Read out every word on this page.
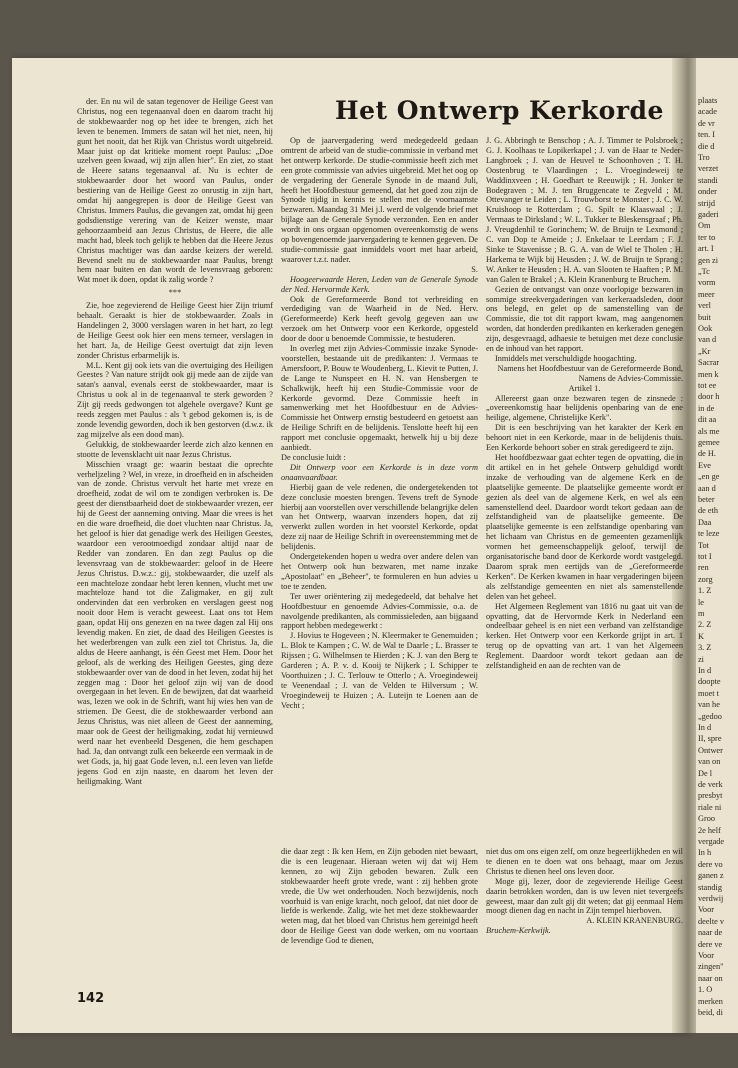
Het Ontwerp Kerkorde

der. En nu wil de satan tegenover de Heilige Geest van Christus, nog een tegenaanval doen en daarom tracht hij de stokbewaarder nog op het idee te brengen, zich het leven te benemen. Immers de satan wil het niet, neen, hij gunt het nooit, dat het Rijk van Christus wordt uitgebreid. Maar juist op dat kritieke moment roept Paulus: „Doe uzelven geen kwaad, wij zijn allen hier". En ziet, zo staat de Heere satans tegenaanval af. Nu is echter de stokbewaarder door het woord van Paulus, onder bestiering van de Heilige Geest zo onrustig in zijn hart, omdat hij aangegrepen is door de Heilige Geest van Christus. Immers Paulus, die gevangen zat, omdat hij geen godsdienstige verering van de Keizer wenste, maar gehoorzaambeid aan Jezus Christus, de Heere, die alle macht had, bleek toch gelijk te hebben dat die Heere Jezus Christus machtiger was dan aardse keizers der wereld. Bevend snelt nu de stokbewaarder naar Paulus, brengt hem naar buiten en dan wordt de levensvraag geboren: Wat moet ik doen, opdat ik zalig worde ?

***

Zie, hoe zegevierend de Heilige Geest hier Zijn triumf behaalt. Geraakt is hier de stokbewaarder. Zoals in Handelingen 2, 3000 verslagen waren in het hart, zo legt de Heilige Geest ook hier een mens terneer, verslagen in het hart. Ja, de Heilige Geest overtuigt dat zijn leven zonder Christus erbarmelijk is.

M.L. Kent gij ook iets van die overtuiging des Heiligen Geestes ? Van nature strijdt ook gij mede aan de zijde van satan's aanval, evenals eerst de stokbewaarder, maar is Christus u ook al in de tegenaanval te sterk geworden ? Zijt gij reeds gedwongen tot algehele overgave? Kunt ge reeds zeggen met Paulus : als 't gebod gekomen is, is de zonde levendig geworden, doch ik ben gestorven (d.w.z. ik zag mijzelve als een dood man).

Gelukkig, de stokbewaarder leerde zich alzo kennen en stootte de levensklacht uit naar Jezus Christus.

Misschien vraagt ge: waarin bestaat die oprechte verheljzeling ? Wel, in vreze, in droefheid en in afscheiden van de zonde. Christus vervult het harte met vreze en droefheid, zodat de wil om te zondigen verbroken is. De geest der dienstbaarheid doet de stokbewaarder vrezen, eer hij de Geest der aanneming ontving. Maar die vrees is het en die ware droefheid, die doet vluchten naar Christus. Ja, het geloof is hier dat genadige werk des Heiligen Geestes, waardoor een verootmoedigd zondaar altijd naar de Redder van zondaren. En dan zegt Paulus op die levensvraag van de stokbewaarder: geloof in de Heere Jezus Christus. D.w.z.: gij, stokbewaarder, die uzelf als een machteloze zondaar hebt leren kennen, vlucht met uw machteloze hand tot die Zaligmaker, en gij zult ondervinden dat een verbroken en verslagen geest nog nooit door Hem is veracht geweest. Laat ons tot Hem gaan, opdat Hij ons genezen en na twee dagen zal Hij ons levendig maken. En ziet, de daad des Heiligen Geestes is het wederbrengen van zulk een ziel tot Christus. Ja, die aldus de Heere aanhangt, is één Geest met Hem. Door het geloof, als de werking des Heiligen Geestes, ging deze stokbewaarder over van de dood in het leven, zodat hij het zeggen mag : Door het geloof zijn wij van de dood overgegaan in het leven. En de bewijzen, dat dat waarheid was, lezen we ook in de Schrift, want hij wies hen van de striemen. De Geest, die de stokbewaarder verbond aan Jezus Christus, was niet alleen de Geest der aanneming, maar ook de Geest der heiligmaking, zodat hij vernieuwd werd naar het evenbeeld Desgenen, die hem geschapen had. Ja, dan ontvangt zulk een bekeerde een vermaak in de wet Gods, ja, hij gaat Gode leven, n.l. een leven van liefde jegens God en zijn naaste, en daarom het leven der heiligmaking. Want

Op de jaarvergadering werd medegedeeld gedaan omtrent de arbeid van de studie-commissie in verband met het ontwerp kerkorde. De studie-commissie heeft zich met een grote commissie van advies uitgebreid. Met het oog op de vergadering der Generale Synode in de maand Juli, heeft het Hoofdbestuur gemeend, dat het goed zou zijn de Synode tijdig in kennis te stellen met de voornaamste bezwaren. Maandag 31 Mei j.l. werd de volgende brief met bijlage aan de Generale Synode verzonden. Een en ander wordt in ons orgaan opgenomen overeenkomstig de wens op bovengenoemde jaarvergadering te kennen gegeven. De studie-commissie gaat inmiddels voort met haar arbeid, waarover t.z.t. nader.

S.

Hoogeerwaarde Heren, Leden van de Generale Synode der Ned. Hervormde Kerk.

Ook de Gereformeerde Bond tot verbreiding en verdediging van de Waarheid in de Ned. Herv. (Gereformeerde) Kerk heeft gevolg gegeven aan uw verzoek om het Ontwerp voor een Kerkorde, opgesteld door de door u benoemde Commissie, te bestuderen.

In overleg met zijn Advies-Commissie inzake Synode-voorstellen, bestaande uit de predikanten: J. Vermaas te Amersfoort, P. Bouw te Woudenberg, L. Kievit te Putten, J. de Lange te Nunspeet en H. N. van Hensbergen te Schalkwijk, heeft hij een Studie-Commissie voor de Kerkorde gevormd. Deze Commissie heeft in samenwerking met het Hoofdbestuur en de Advies-Commissie het Ontwerp ernstig bestudeerd en getoetst aan de Heilige Schrift en de belijdenis. Tenslotte heeft hij een rapport met conclusie opgemaakt, hetwelk hij u bij deze aanbiedt.

De conclusie luidt :

Dit Ontwerp voor een Kerkorde is in deze vorm onaanvaardbaar.

Hierbij gaan de vele redenen, die ondergetekenden tot deze conclusie moesten brengen. Tevens treft de Synode hierbij aan voorstellen over verschillende belangrijke delen van het Ontwerp, waarvan inzenders hopen, dat zij verwerkt zullen worden in het voorstel Kerkorde, opdat deze zij naar de Heilige Schrift in overeenstemming met de belijdenis.

Ondergetekenden hopen u wedra over andere delen van het Ontwerp ook hun bezwaren, met name inzake „Apostolaat" en „Beheer", te formuleren en hun advies u toe te zenden.

Ter uwer oriëntering zij medegedeeld, dat behalve het Hoofdbestuur en genoemde Advies-Commissie, o.a. de navolgende predikanten, als commissieleden, aan bijgaand rapport hebben medegewerkt :

J. Hovius te Hogeveen ; N. Kleermaker te Genemuiden ; L. Blok te Kampen ; C. W. de Wal te Daarle ; L. Brasser te Rijssen ; G. Wilhelmsen te Hierden ; K. J. van den Berg te Garderen ; A. P. v. d. Kooij te Nijkerk ; I. Schipper te Voorthuizen ; J. C. Terlouw te Otterlo ; A. Vroegindeweij te Veenendaal ; J. van de Velden te Hilversum ; W. Vroegindeweij te Huizen ; A. Luteijn te Loenen aan de Vecht ;

J. G. Abbringh te Benschop ; A. J. Timmer te Polsbroek ; G. J. Koolhaas te Lopikerkapel ; J. van de Haar te Neder-Langbroek ; J. van de Heuvel te Schoonhoven ; T. H. Oostenbrug te Vlaardingen ; L. Vroegindeweij te Waddinxveen ; H. Goedhart te Reeuwijk ; H. Jonker te Bodegraven ; M. J. ten Bruggencate te Zegveld ; M. Ottevanger te Leiden ; L. Trouwborst te Monster ; J. C. W. Kruishoop te Rotterdam ; G. Spilt te Klaaswaal ; J. Vermaas te Dirksland ; W. L. Tukker te Bleskensgraaf ; Ph. J. Vreugdenhil te Gorinchem; W. de Bruijn te Lexmond ; C. van Dop te Ameide ; J. Enkelaar te Leerdam ; F. J. Sinke te Stavenisse ; B. G. A. van de Wiel te Tholen ; H. Harkema te Wijk bij Heusden ; J. W. de Bruijn te Sprang ; W. Anker te Heusden ; H. A. van Slooten te Haaften ; P. M. van Galen te Brakel ; A. Klein Kranenburg te Bruchem.

Gezien de ontvangst van onze voorlopige bezwaren in sommige streekvergaderingen van kerkeraadsleden, door ons belegd, en gelet op de samenstelling van de Commissie, die tot dit rapport kwam, mag aangenomen worden, dat honderden predikanten en kerkeraden genegen zijn, desgevraagd, adhaesie te betuigen met deze conclusie en de inhoud van het rapport.

Inmiddels met verschuldigde hoogachting.

Namens het Hoofdbestuur van de Gereformeerde Bond,

Namens de Advies-Commissie.

Artikel 1.

Allereerst gaan onze bezwaren tegen de zinsnede : „overeenkomstig haar belijdenis openbaring van de ene heilige, algemene, Christelijke Kerk".

Dit is een beschrijving van het karakter der Kerk en behoort niet in een Kerkorde, maar in de belijdenis thuis. Een Kerkorde behoort sober en strak geredigeerd te zijn.

Het hoofdbezwaar gaat echter tegen de opvatting, die in dit artikel en in het gehele Ontwerp gehuldigd wordt inzake de verhouding van de algemene Kerk en de plaatselijke gemeente. De plaatselijke gemeente wordt er gezien als deel van de algemene Kerk, en wel als een samenstellend deel. Daardoor wordt tekort gedaan aan de zelfstandigheid van de plaatselijke gemeente. De plaatselijke gemeente is een zelfstandige openbaring van het lichaam van Christus en de gemeenten gezamenlijk vormen het gemeenschappelijk geloof, terwijl de organisatorische band door de Kerkorde wordt vastgelegd. Daarom sprak men eertijds van de „Gereformeerde Kerken". De Kerken kwamen in haar vergaderingen bijeen als zelfstandige gemeenten en niet als samenstellende delen van het geheel.

Het Algemeen Reglement van 1816 nu gaat uit van de opvatting, dat de Hervormde Kerk in Nederland een ondeelbaar geheel is en niet een verband van zelfstandige kerken. Het Ontwerp voor een Kerkorde grijpt in art. 1 terug op de opvatting van art. 1 van het Algemeen Reglement. Daardoor wordt tekort gedaan aan de zelfstandigheid en aan de rechten van de

die daar zegt : Ik ken Hem, en Zijn geboden niet bewaart, die is een leugenaar. Hieraan weten wij dat wij Hem kennen, zo wij Zijn geboden bewaren. Zulk een stokbewaarder heeft grote vrede, want : zij hebben grote vrede, die Uw wet onderhouden. Noch bezwijdenis, noch voorhuid is van enige kracht, noch geloof, dat niet door de liefde is werkende. Zalig, wie het met deze stokbewaarder weten mag, dat het bloed van Christus hem gereinigd heeft door de Heilige Geest van dode werken, om nu voortaan de levendige God te dienen,

niet dus om ons eigen zelf, om onze begeerlijkheden en wil te dienen en te doen wat ons behaagt, maar om Jezus Christus te dienen heel ons leven door.

Moge gij, lezer, door de zegevierende Heilige Geest daarin betrokken worden, dan is uw leven niet tevergeefs geweest, maar dan zult gij dit weten; dat gij eenmaal Hem moogt dienen dag en nacht in Zijn tempel hierboven.

A. KLEIN KRANENBURG.

Bruchem-Kerkwijk.

142
plaats
acade
de vr
ten. I
die d
Tro
verzet
standi
onder
strijd
gaderi
Om
ter to
art. I
gen zi
„Tc
vorm
meer
verl
buit
Ook
van d
„Kr
Sacrar
men k
tot ee
door h
in de
dit aa
als me
gemee
de H.
Eve
„en ge
aan d
beter
de eth
Daa
te leze
Tot
tot I
ren
zorg
1. Z
le
m
2. Z
K
3. Z
zi
In d
doopte
moet t
van he
„gedoo
In d
II, spre
Ontwer
van on
De l
de verk
presbyt
riale ni
Groo
2e helf
vergade
In h
dere vo
ganen z
standig
verdwij
Voor
deelte v
naar de
dere ve
Voor
zingen"
naar on
1. O
merken
beid, di
